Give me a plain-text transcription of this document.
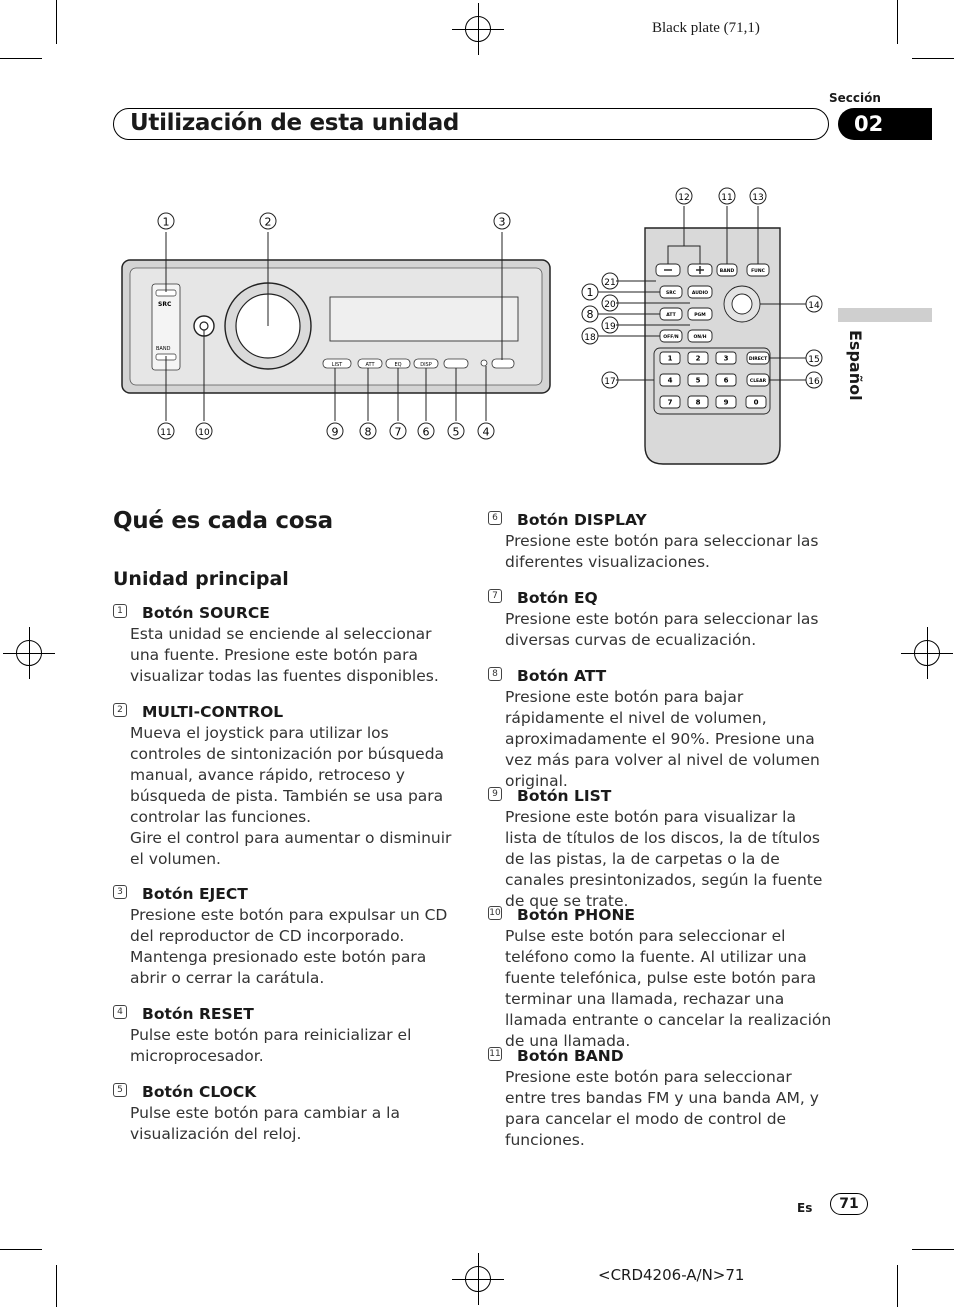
Black plate (71,1)
Sección
Utilización de esta unidad	02
Español
SRC
BAND
LIST	ATT	EQ	DISP
1	2	3
11	10	9 8 7 6 5 4
BAND	FUNC
SRC	AUDIO
ATT	PGM
OFF/N	ON/H
DIRECT
CLEAR
1	2	3
4	5	6
7	8	9	0
12	11 13
21
1
20
8
19
18
14
15
16
17
Qué es cada cosa
Unidad principal
1 Botón SOURCE
Esta unidad se enciende al seleccionar una fuente. Presione este botón para visualizar todas las fuentes disponibles.
2 MULTI-CONTROL
Mueva el joystick para utilizar los controles de sintonización por búsqueda manual, avance rápido, retroceso y búsqueda de pista. También se usa para controlar las funciones.
Gire el control para aumentar o disminuir el volumen.
3 Botón EJECT
Presione este botón para expulsar un CD del reproductor de CD incorporado. Mantenga presionado este botón para abrir o cerrar la carátula.
4 Botón RESET
Pulse este botón para reinicializar el microprocesador.
5 Botón CLOCK
Pulse este botón para cambiar a la visualización del reloj.
6 Botón DISPLAY
Presione este botón para seleccionar las diferentes visualizaciones.
7 Botón EQ
Presione este botón para seleccionar las diversas curvas de ecualización.
8 Botón ATT
Presione este botón para bajar rápidamente el nivel de volumen, aproximadamente el 90%. Presione una vez más para volver al nivel de volumen original.
9 Botón LIST
Presione este botón para visualizar la lista de títulos de los discos, la de títulos de las pistas, la de carpetas o la de canales presintonizados, según la fuente de que se trate.
10 Botón PHONE
Pulse este botón para seleccionar el teléfono como la fuente. Al utilizar una fuente telefónica, pulse este botón para terminar una llamada, rechazar una llamada entrante o cancelar la realización de una llamada.
11 Botón BAND
Presione este botón para seleccionar entre tres bandas FM y una banda AM, y para cancelar el modo de control de funciones.
Es	71
<CRD4206-A/N>71
